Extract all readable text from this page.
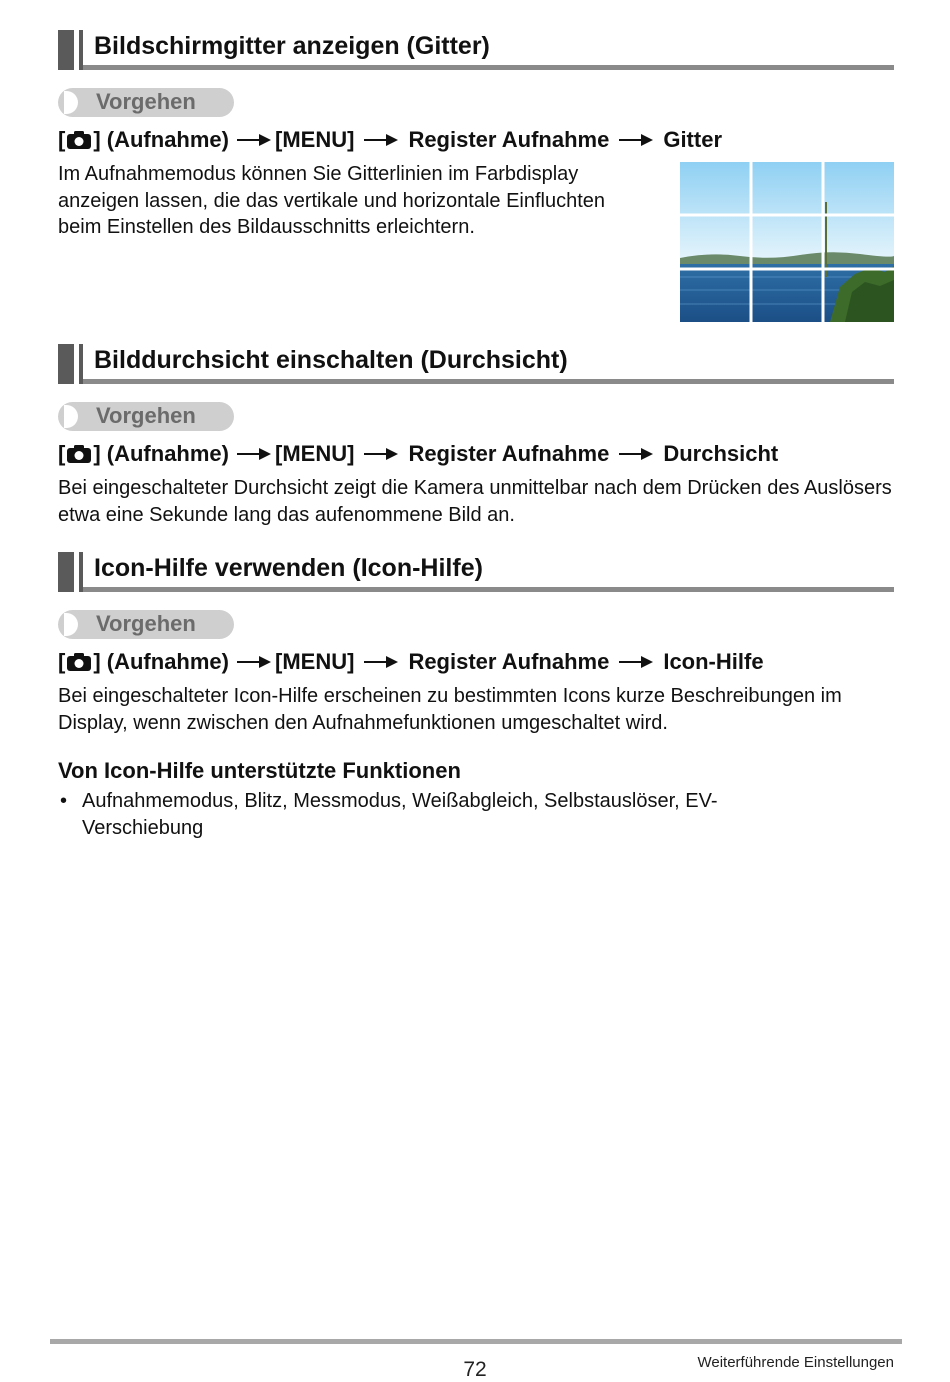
Bildschirmgitter anzeigen (Gitter)
Vorgehen
[ ] (Aufnahme) [MENU] Register Aufnahme Gitter
Im Aufnahmemodus können Sie Gitterlinien im Farbdisplay anzeigen lassen, die das vertikale und horizontale Einfluchten beim Einstellen des Bildausschnitts erleichtern.
Bilddurchsicht einschalten (Durchsicht)
Vorgehen
[ ] (Aufnahme) [MENU] Register Aufnahme Durchsicht
Bei eingeschalteter Durchsicht zeigt die Kamera unmittelbar nach dem Drücken des Auslösers etwa eine Sekunde lang das aufenommene Bild an.
Icon-Hilfe verwenden (Icon-Hilfe)
Vorgehen
[ ] (Aufnahme) [MENU] Register Aufnahme Icon-Hilfe
Bei eingeschalteter Icon-Hilfe erscheinen zu bestimmten Icons kurze Beschreibungen im Display, wenn zwischen den Aufnahmefunktionen umgeschaltet wird.
Von Icon-Hilfe unterstützte Funktionen
• Aufnahmemodus, Blitz, Messmodus, Weißabgleich, Selbstauslöser, EV-Verschiebung
72	Weiterführende Einstellungen
